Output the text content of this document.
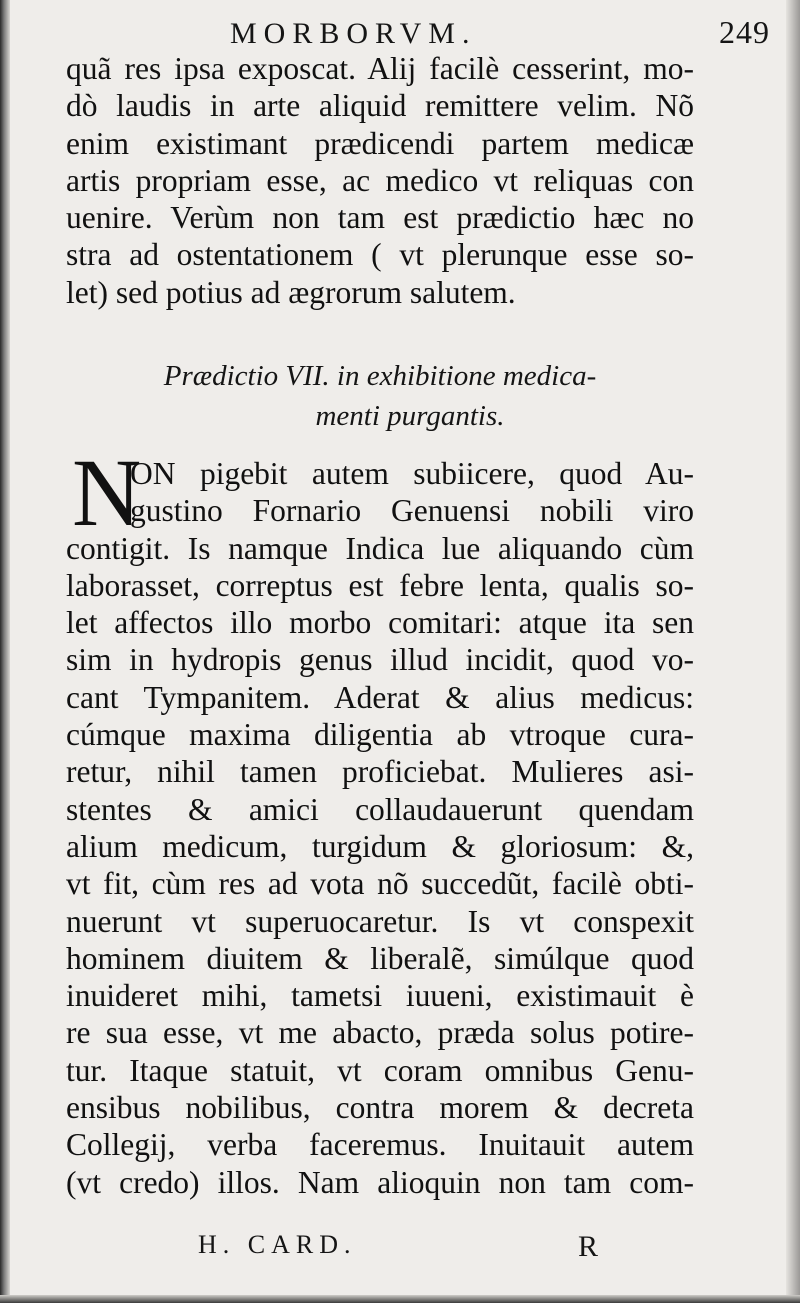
MORBORVM.	249
quã res ipsa exposcat. Alij facilè cesserint, mo-
dò laudis in arte aliquid remittere velim. Nõ
enim existimant prædicendi partem medicæ
artis propriam esse, ac medico vt reliquas con
uenire. Verùm non tam est prædictio hæc no
stra ad ostentationem ( vt plerunque esse so-
let) sed potius ad ægrorum salutem.
Prædictio VII. in exhibitione medica-
menti purgantis.
N
ON pigebit autem subiicere, quod Au-
gustino Fornario Genuensi nobili viro
contigit. Is namque Indica lue aliquando cùm
laborasset, correptus est febre lenta, qualis so-
let affectos illo morbo comitari: atque ita sen
sim in hydropis genus illud incidit, quod vo-
cant Tympanitem. Aderat & alius medicus:
cúmque maxima diligentia ab vtroque cura-
retur, nihil tamen proficiebat. Mulieres asi-
stentes & amici collaudauerunt quendam
alium medicum, turgidum & gloriosum: &,
vt fit, cùm res ad vota nõ succedũt, facilè obti-
nuerunt vt superuocaretur. Is vt conspexit
hominem diuitem & liberalẽ, simúlque quod
inuideret mihi, tametsi iuueni, existimauit è
re sua esse, vt me abacto, præda solus potire-
tur. Itaque statuit, vt coram omnibus Genu-
ensibus nobilibus, contra morem & decreta
Collegij, verba faceremus. Inuitauit autem
(vt credo) illos. Nam alioquin non tam com-
H. CARD.	R
